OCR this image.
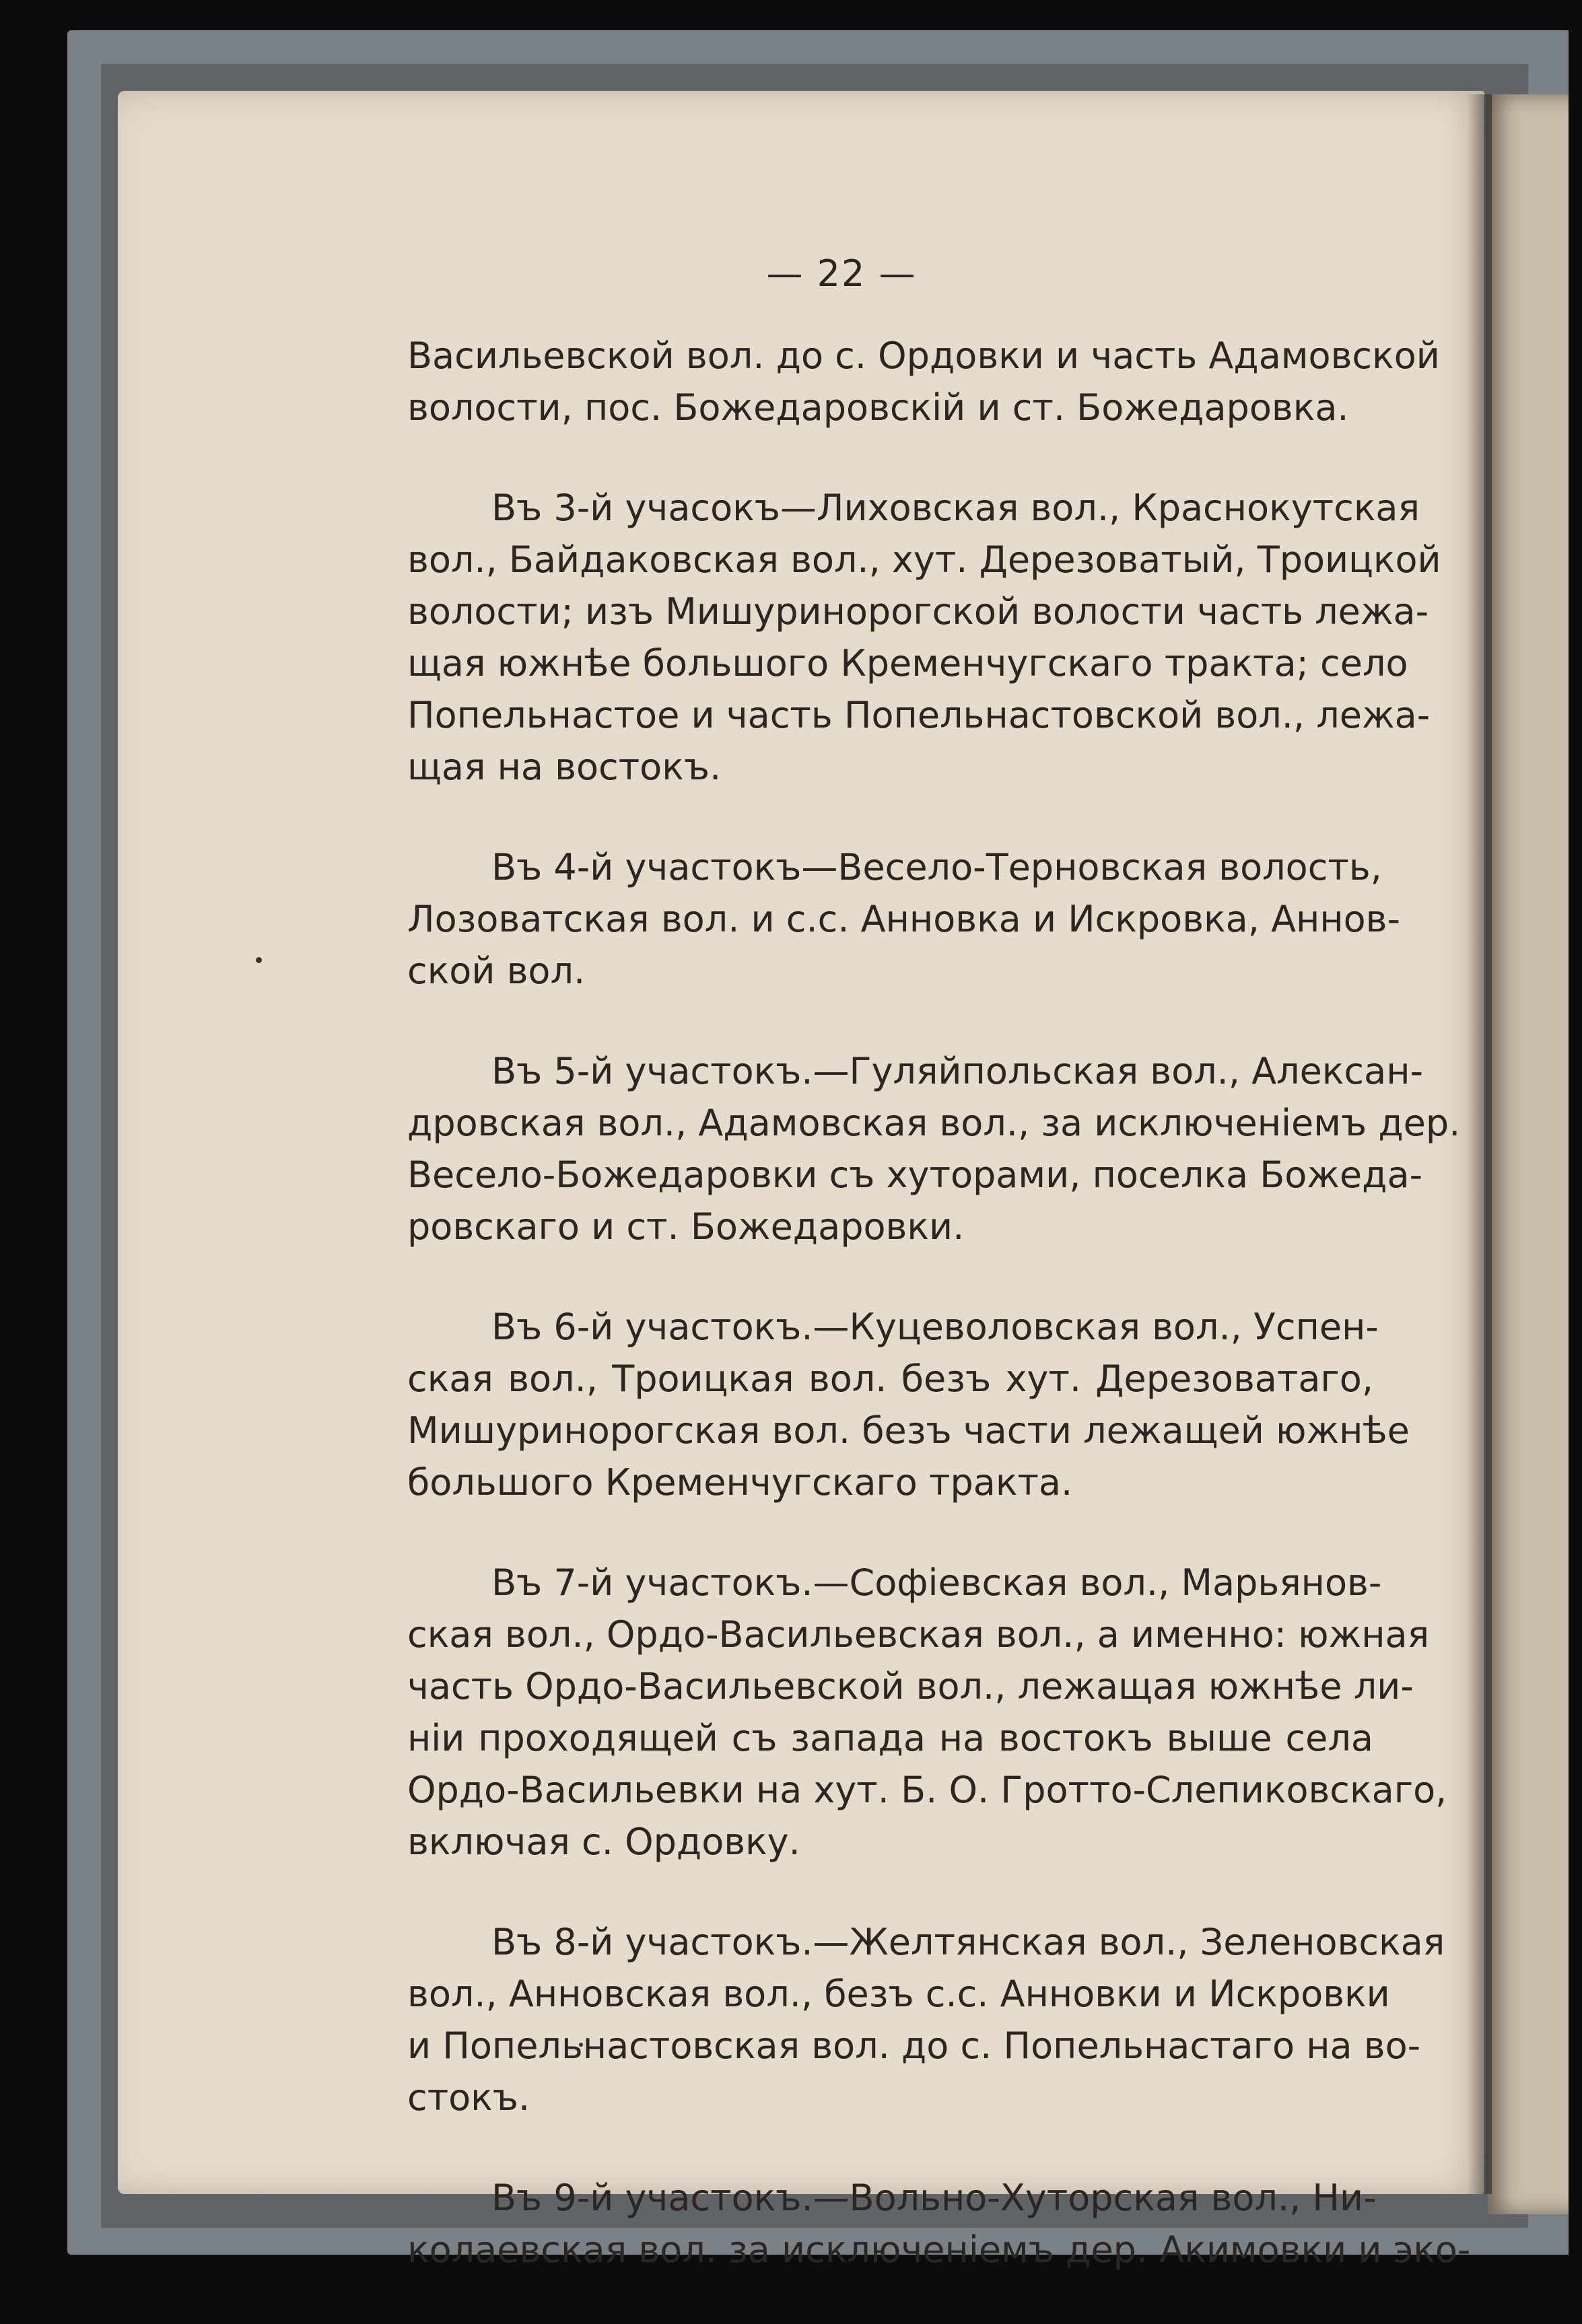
— 22 —
Васильевской вол. до с. Ордовки и часть Адамовской
волости, пос. Божедаровскій и ст. Божедаровка.
Въ 3-й учасокъ—Лиховская вол., Краснокутская
вол., Байдаковская вол., хут. Дерезоватый, Троицкой
волости; изъ Мишуринорогской волости часть лежа-
щая южнѣе большого Кременчугскаго тракта; село
Попельнастое и часть Попельнастовской вол., лежа-
щая на востокъ.
Въ 4-й участокъ—Весело-Терновская волость,
Лозоватская вол. и с.с. Анновка и Искровка, Аннов-
ской вол.
Въ 5-й участокъ.—Гуляйпольская вол., Алексан-
дровская вол., Адамовская вол., за исключеніемъ дер.
Весело-Божедаровки съ хуторами, поселка Божеда-
ровскаго и ст. Божедаровки.
Въ 6-й участокъ.—Куцеволовская вол., Успен-
ская вол., Троицкая вол. безъ хут. Дерезоватаго,
Мишуринорогская вол. безъ части лежащей южнѣе
большого Кременчугскаго тракта.
Въ 7-й участокъ.—Софіевская вол., Марьянов-
ская вол., Ордо-Васильевская вол., а именно: южная
часть Ордо-Васильевской вол., лежащая южнѣе ли-
ніи проходящей съ запада на востокъ выше села
Ордо-Васильевки на хут. Б. О. Гротто-Слепиковскаго,
включая с. Ордовку.
Въ 8-й участокъ.—Желтянская вол., Зеленовская
вол., Анновская вол., безъ с.с. Анновки и Искровки
и Попельнастовская вол. до с. Попельнастаго на во-
стокъ.
Въ 9-й участокъ.—Вольно-Хуторская вол., Ни-
колаевская вол. за исключеніемъ дер. Акимовки и эко-
